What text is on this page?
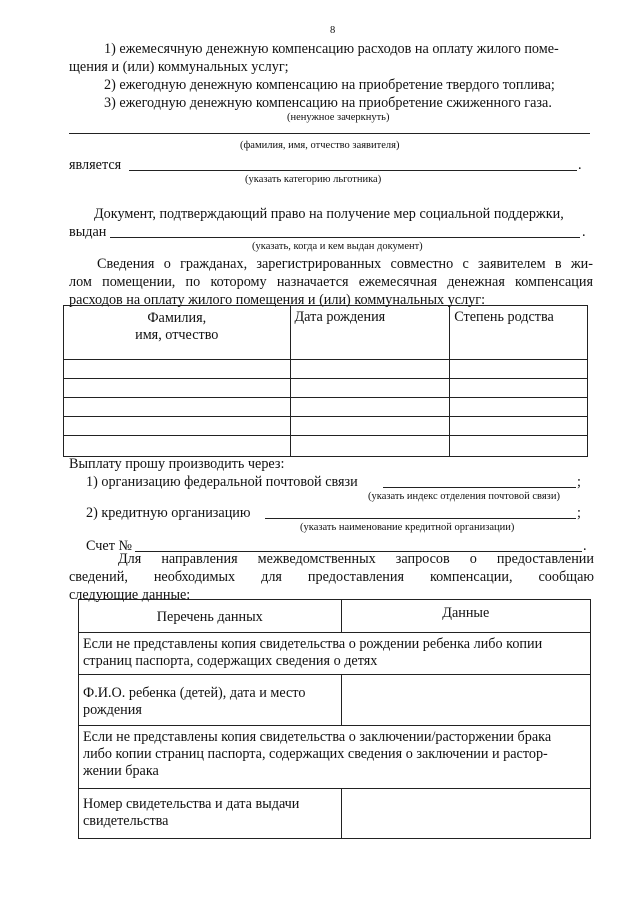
8
1) ежемесячную денежную компенсацию расходов на оплату жилого поме-
щения и (или) коммунальных услуг;
2) ежегодную денежную компенсацию на приобретение твердого топлива;
3) ежегодную денежную компенсацию на приобретение сжиженного газа.
(ненужное зачеркнуть)
(фамилия, имя, отчество заявителя)
является	.
(указать категорию льготника)
Документ, подтверждающий право на получение мер социальной поддержки,
выдан	.
(указать, когда и кем выдан документ)
Сведения о гражданах, зарегистрированных совместно с заявителем в жи-
лом помещении, по которому назначается ежемесячная денежная компенсация
расходов на оплату жилого помещения и (или) коммунальных услуг:
Фамилия,
имя, отчество	Дата рождения	Степень родства

Выплату прошу производить через:
1) организацию федеральной почтовой связи	;
(указать индекс отделения почтовой связи)
2) кредитную организацию	;
(указать наименование кредитной организации)
Счет №	.
Для направления межведомственных запросов о предоставлении
сведений, необходимых для предоставления компенсации, сообщаю
следующие данные:
Перечень данных	Данные

Если не представлены копия свидетельства о рождении ребенка либо копии
страниц паспорта, содержащих сведения о детях	

Ф.И.О. ребенка (детей), дата и место
рождения	

Если не представлены копия свидетельства о заключении/расторжении брака
либо копии страниц паспорта, содержащих сведения о заключении и растор-
жении брака	

Номер свидетельства и дата выдачи
свидетельства	
